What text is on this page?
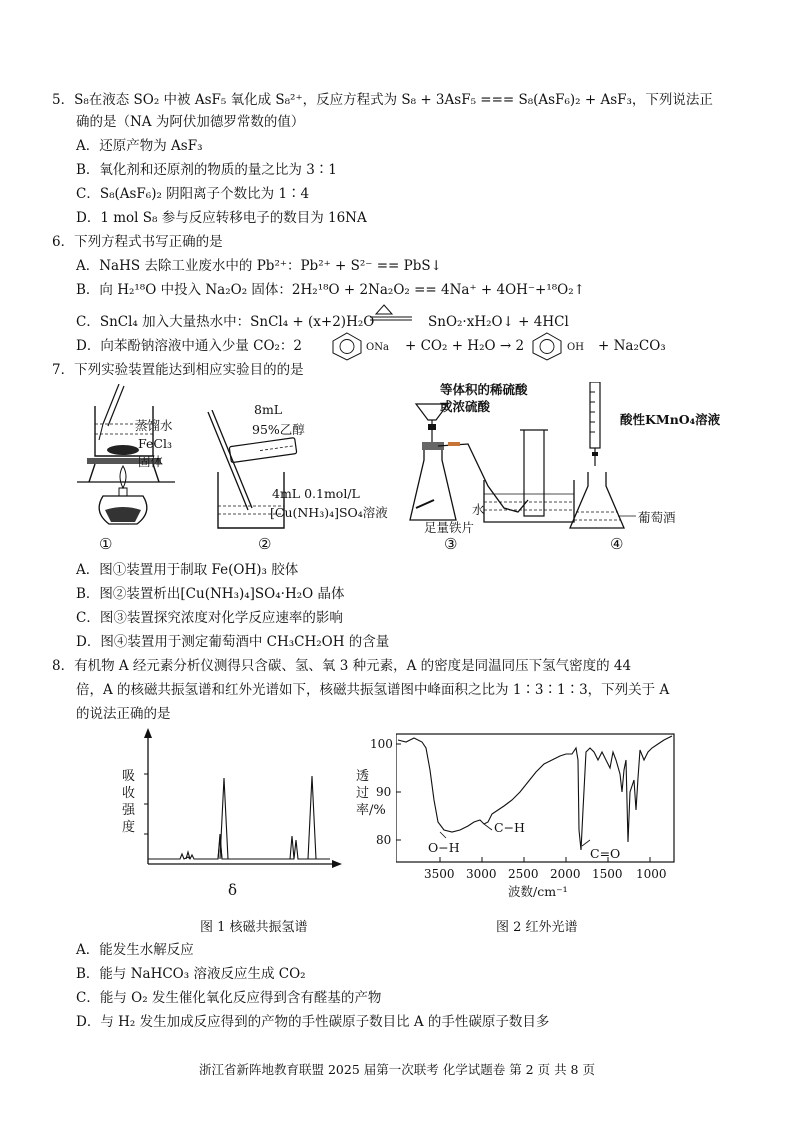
5．S₈在液态 SO₂ 中被 AsF₅ 氧化成 S₈²⁺，反应方程式为 S₈ + 3AsF₅ === S₈(AsF₆)₂ + AsF₃，下列说法正
确的是（NA 为阿伏加德罗常数的值）
A．还原产物为 AsF₃
B．氧化剂和还原剂的物质的量之比为 3∶1
C．S₈(AsF₆)₂ 阴阳离子个数比为 1∶4
D．1 mol S₈ 参与反应转移电子的数目为 16NA
6．下列方程式书写正确的是
A．NaHS 去除工业废水中的 Pb²⁺：Pb²⁺ + S²⁻ == PbS↓
B．向 H₂¹⁸O 中投入 Na₂O₂ 固体：2H₂¹⁸O + 2Na₂O₂ == 4Na⁺ + 4OH⁻+¹⁸O₂↑
C．SnCl₄ 加入大量热水中：SnCl₄ + (x+2)H₂O	SnO₂·xH₂O↓ + 4HCl
D．向苯酚钠溶液中通入少量 CO₂：2	ONa + CO₂ + H₂O → 2	OH + Na₂CO₃
7．下列实验装置能达到相应实验目的的是
蒸馏水
FeCl₃
固体
①
8mL
95%乙醇
4mL 0.1mol/L
[Cu(NH₃)₄]SO₄溶液
②
等体积的稀硫酸
或浓硫酸
水
足量铁片
③
酸性KMnO₄溶液
葡萄酒
④
A．图①装置用于制取 Fe(OH)₃ 胶体
B．图②装置析出[Cu(NH₃)₄]SO₄·H₂O 晶体
C．图③装置探究浓度对化学反应速率的影响
D．图④装置用于测定葡萄酒中 CH₃CH₂OH 的含量
8．有机物 A 经元素分析仪测得只含碳、氢、氧 3 种元素，A 的密度是同温同压下氢气密度的 44
倍，A 的核磁共振氢谱和红外光谱如下，核磁共振氢谱图中峰面积之比为 1∶3∶1∶3，下列关于 A
的说法正确的是
吸收强度
δ
100
90
80
透过率/%
3500 3000 2500 2000 1500 1000
波数/cm⁻¹
O−H
C−H
C=O
图 1 核磁共振氢谱	图 2 红外光谱
A．能发生水解反应
B．能与 NaHCO₃ 溶液反应生成 CO₂
C．能与 O₂ 发生催化氧化反应得到含有醛基的产物
D．与 H₂ 发生加成反应得到的产物的手性碳原子数目比 A 的手性碳原子数目多
浙江省新阵地教育联盟 2025 届第一次联考 化学试题卷 第 2 页 共 8 页
